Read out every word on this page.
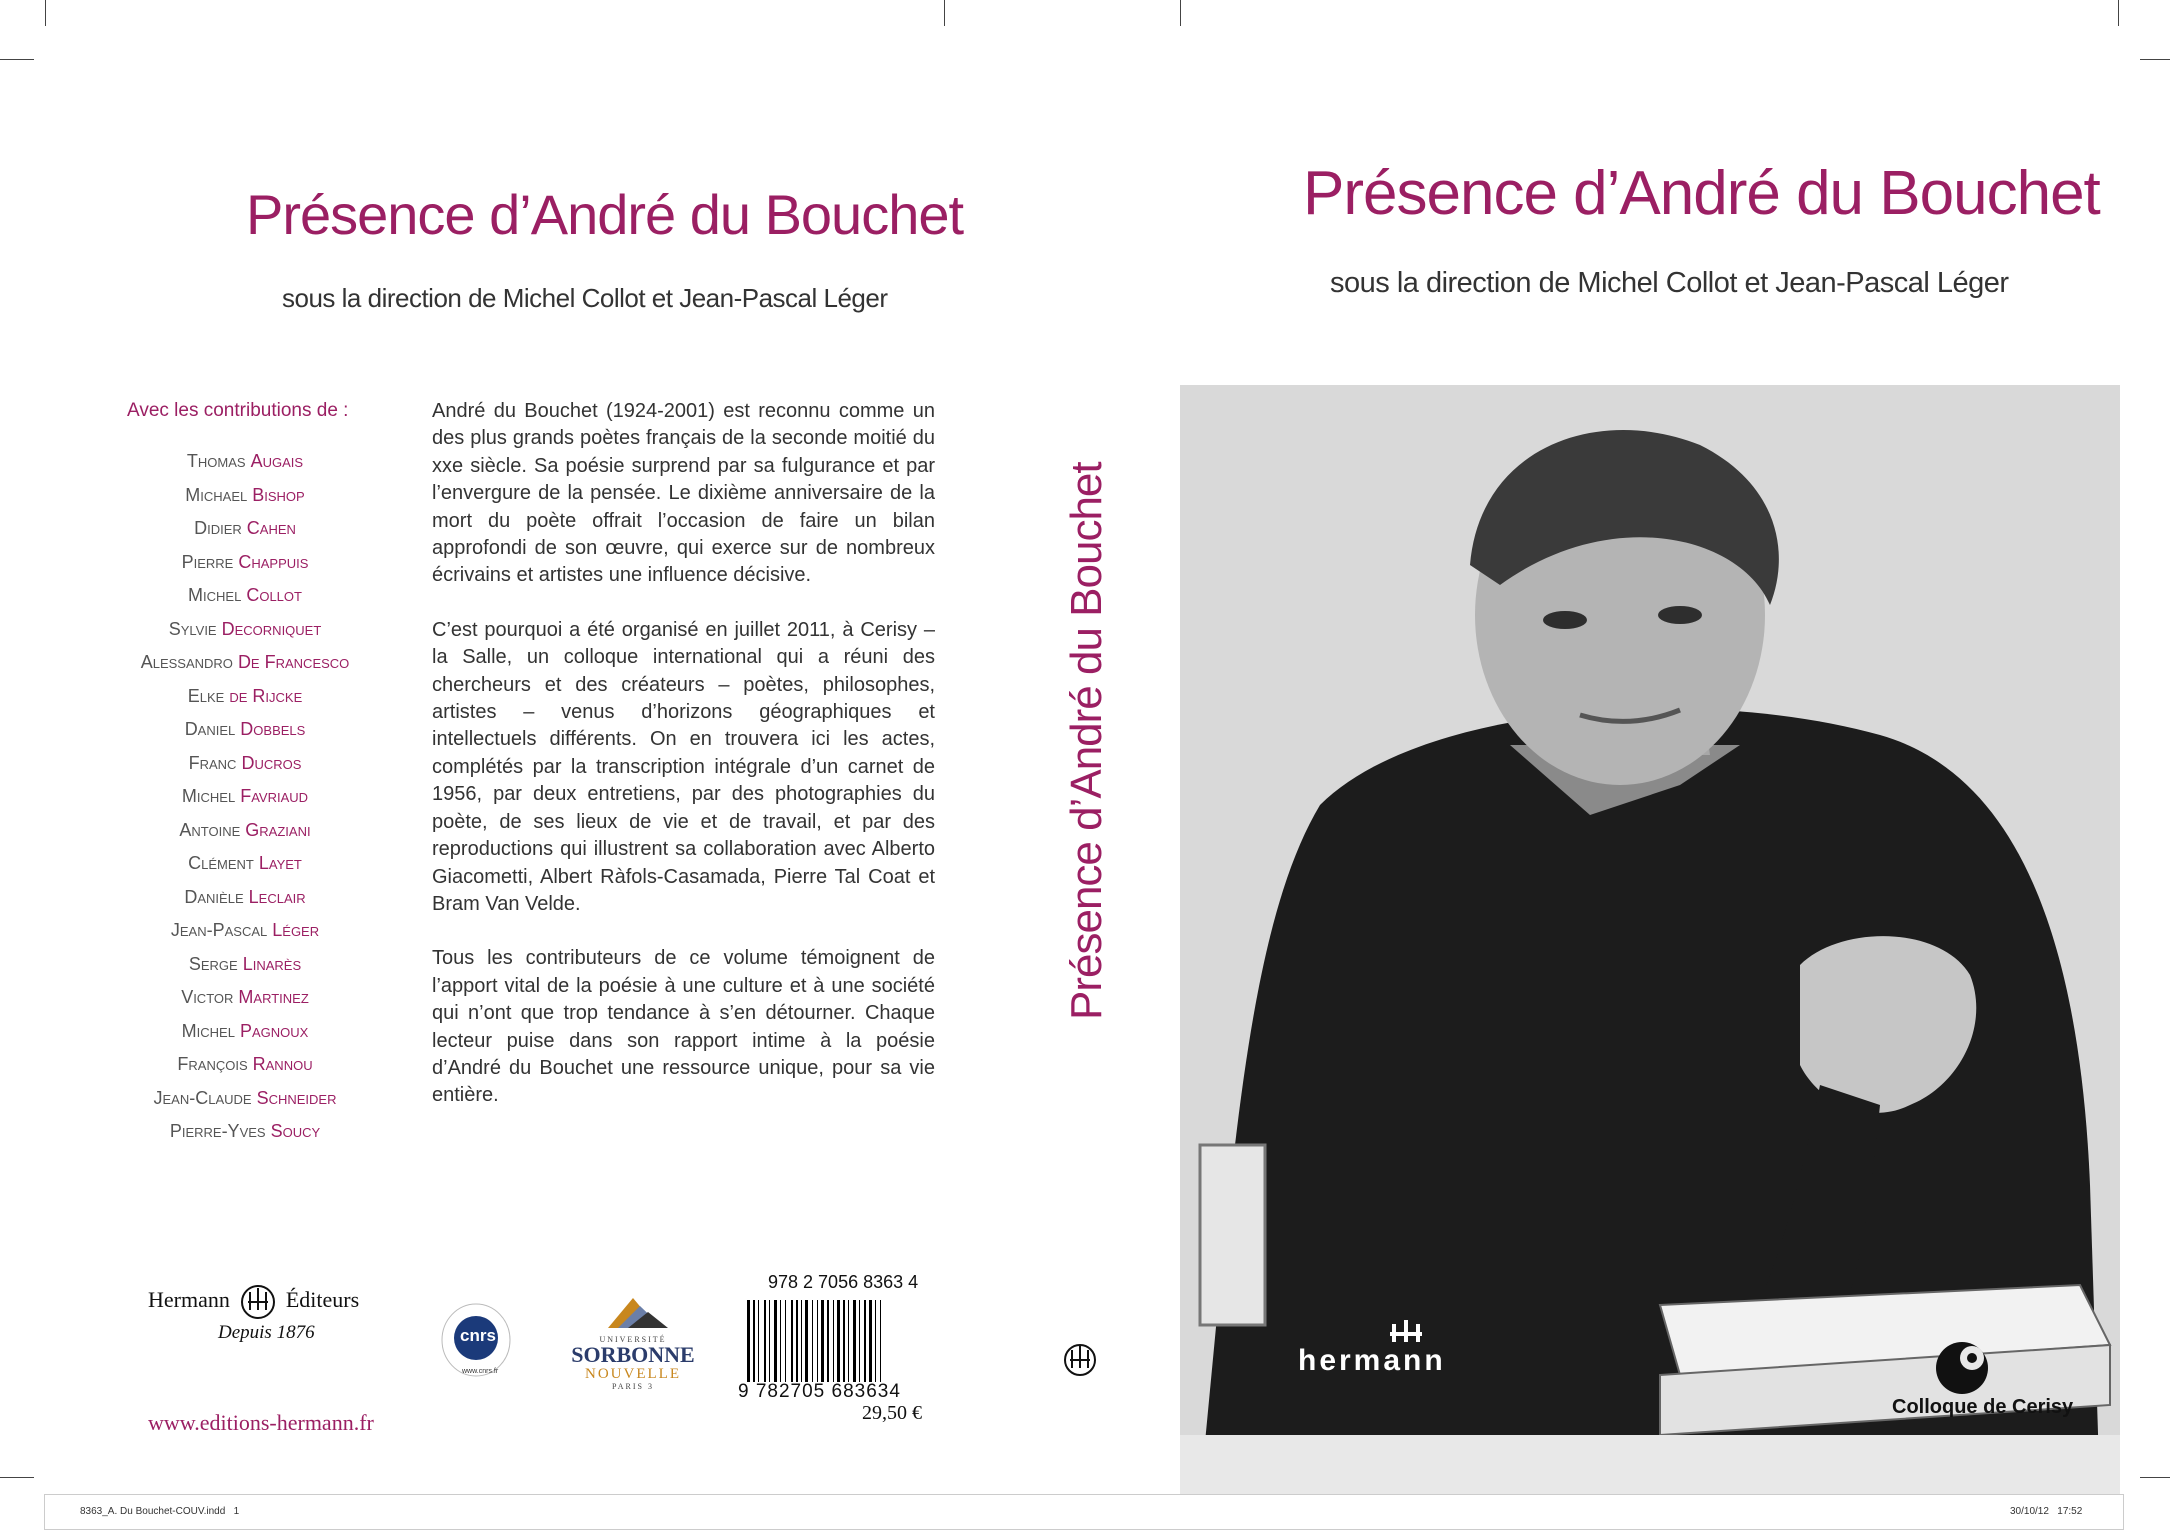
Présence d’André du Bouchet
sous la direction de Michel Collot et Jean-Pascal Léger
Avec les contributions de :
Thomas Augais
Michael Bishop
Didier Cahen
Pierre Chappuis
Michel Collot
Sylvie Decorniquet
Alessandro De Francesco
Elke de Rijcke
Daniel Dobbels
Franc Ducros
Michel Favriaud
Antoine Graziani
Clément Layet
Danièle Leclair
Jean-Pascal Léger
Serge Linarès
Victor Martinez
Michel Pagnoux
François Rannou
Jean-Claude Schneider
Pierre-Yves Soucy

André du Bouchet (1924-2001) est reconnu comme un des plus grands poètes français de la seconde moitié du xxe siècle. Sa poésie surprend par sa fulgurance et par l’envergure de la pensée. Le dixième anniversaire de la mort du poète offrait l’occasion de faire un bilan approfondi de son œuvre, qui exerce sur de nombreux écrivains et artistes une influence décisive.

C’est pourquoi a été organisé en juillet 2011, à Cerisy – la Salle, un colloque international qui a réuni des chercheurs et des créateurs – poètes, philosophes, artistes – venus d’horizons géographiques et intellectuels différents. On en trouvera ici les actes, complétés par la transcription intégrale d’un carnet de 1956, par deux entretiens, par des photographies du poète, de ses lieux de vie et de travail, et par des reproductions qui illustrent sa collaboration avec Alberto Giacometti, Albert Ràfols-Casamada, Pierre Tal Coat et Bram Van Velde.

Tous les contributeurs de ce volume témoignent de l’apport vital de la poésie à une culture et à une société qui n’ont que trop tendance à s’en détourner. Chaque lecteur puise dans son rapport intime à la poésie d’André du Bouchet une ressource unique, pour sa vie entière.

Hermann	Éditeurs
Depuis 1876
www.editions-hermann.fr
cnrs
www.cnrs.fr
UNIVERSITÉ
SORBONNE
NOUVELLE
PARIS 3
978 2 7056 8363 4
9 782705 683634
29,50 €
Présence d’André du Bouchet
Présence d’André du Bouchet
sous la direction de Michel Collot et Jean-Pascal Léger
hermann
Colloque de Cerisy
8363_A. Du Bouchet-COUV.indd   1	30/10/12   17:52
